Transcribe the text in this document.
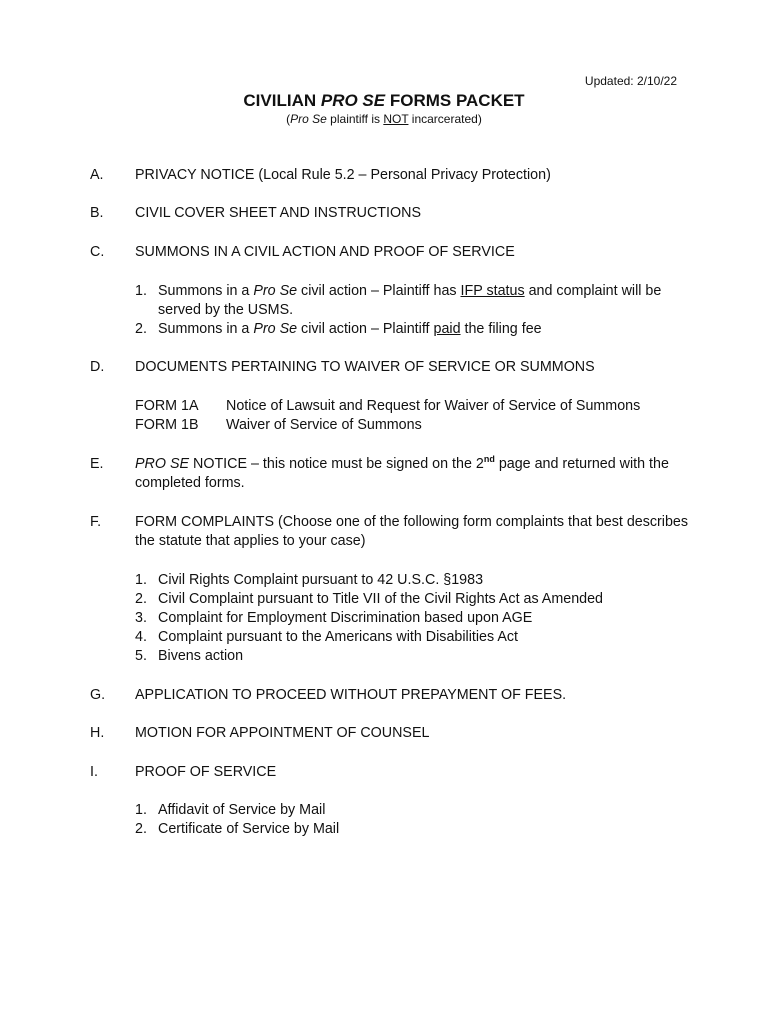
Updated: 2/10/22
CIVILIAN PRO SE FORMS PACKET
(Pro Se plaintiff is NOT incarcerated)
A. PRIVACY NOTICE (Local Rule 5.2 – Personal Privacy Protection)
B. CIVIL COVER SHEET AND INSTRUCTIONS
C. SUMMONS IN A CIVIL ACTION AND PROOF OF SERVICE
1. Summons in a Pro Se civil action – Plaintiff has IFP status and complaint will be served by the USMS.
2. Summons in a Pro Se civil action – Plaintiff paid the filing fee
D. DOCUMENTS PERTAINING TO WAIVER OF SERVICE OR SUMMONS
FORM 1A Notice of Lawsuit and Request for Waiver of Service of Summons
FORM 1B Waiver of Service of Summons
E. PRO SE NOTICE – this notice must be signed on the 2nd page and returned with the completed forms.
F. FORM COMPLAINTS (Choose one of the following form complaints that best describes the statute that applies to your case)
1. Civil Rights Complaint pursuant to 42 U.S.C. §1983
2. Civil Complaint pursuant to Title VII of the Civil Rights Act as Amended
3. Complaint for Employment Discrimination based upon AGE
4. Complaint pursuant to the Americans with Disabilities Act
5. Bivens action
G. APPLICATION TO PROCEED WITHOUT PREPAYMENT OF FEES.
H. MOTION FOR APPOINTMENT OF COUNSEL
I.	PROOF OF SERVICE
1. Affidavit of Service by Mail
2. Certificate of Service by Mail
